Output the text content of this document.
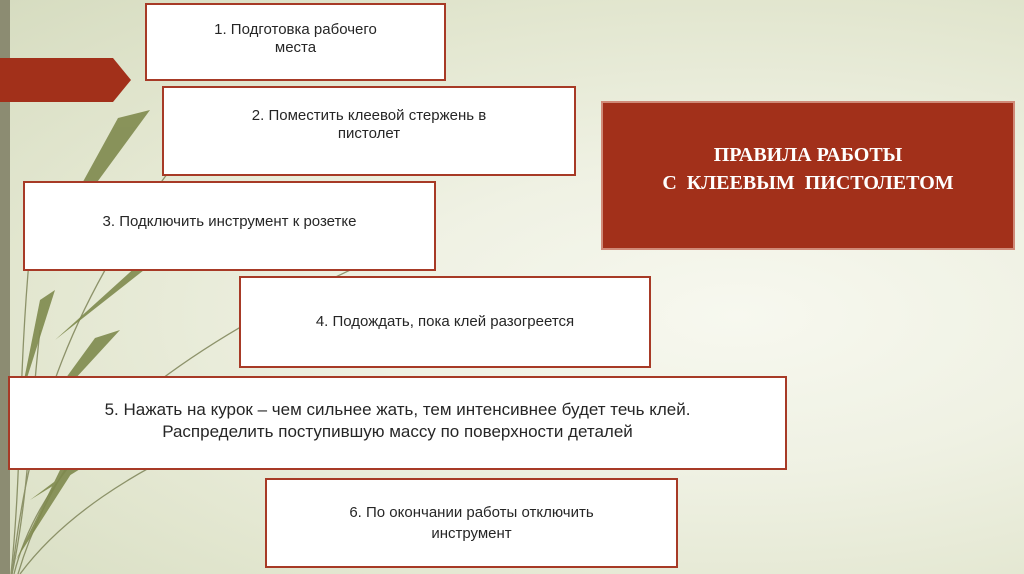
1. Подготовка рабочего
места
2. Поместить клеевой стержень в
пистолет
3. Подключить инструмент к розетке
4. Подождать, пока клей разогреется
5. Нажать на курок – чем сильнее жать, тем интенсивнее будет течь клей.
Распределить поступившую массу по поверхности деталей
6. По окончании работы отключить
инструмент
ПРАВИЛА РАБОТЫ
С  КЛЕЕВЫМ  ПИСТОЛЕТОМ
